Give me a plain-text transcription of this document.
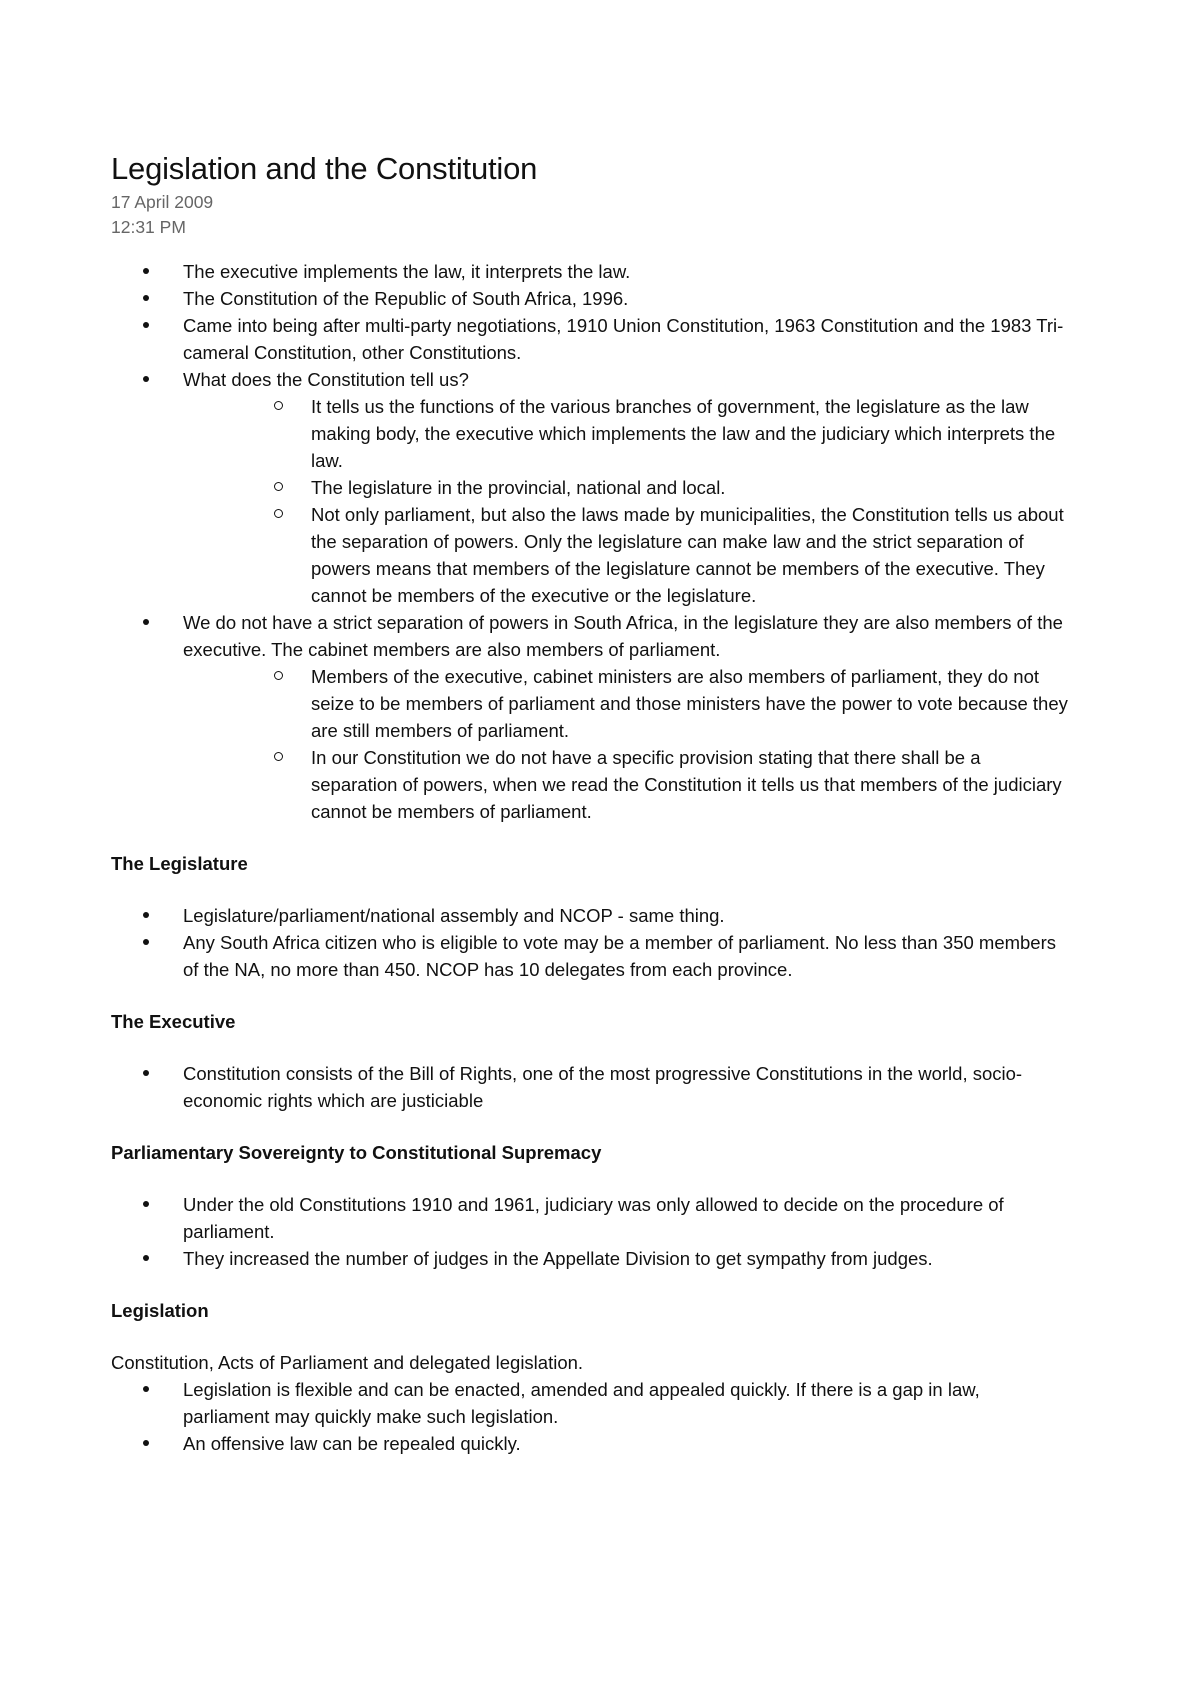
Legislation and the Constitution
17 April 2009
12:31 PM
The executive implements the law, it interprets the law.
The Constitution of the Republic of South Africa, 1996.
Came into being after multi-party negotiations, 1910 Union Constitution, 1963 Constitution and the 1983 Tri-cameral Constitution, other Constitutions.
What does the Constitution tell us?
It tells us the functions of the various branches of government, the legislature as the law making body, the executive which implements the law and the judiciary which interprets the law.
The legislature in the provincial, national and local.
Not only parliament, but also the laws made by municipalities, the Constitution tells us about the separation of powers. Only the legislature can make law and the strict separation of powers means that members of the legislature cannot be members of the executive. They cannot be members of the executive or the legislature.
We do not have a strict separation of powers in South Africa, in the legislature they are also members of the executive. The cabinet members are also members of parliament.
Members of the executive, cabinet ministers are also members of parliament, they do not seize to be members of parliament and those ministers have the power to vote because they are still members of parliament.
In our Constitution we do not have a specific provision stating that there shall be a separation of powers, when we read the Constitution it tells us that members of the judiciary cannot be members of parliament.
The Legislature
Legislature/parliament/national assembly and NCOP - same thing.
Any South Africa citizen who is eligible to vote may be a member of parliament. No less than 350 members of the NA, no more than 450. NCOP has 10 delegates from each province.
The Executive
Constitution consists of the Bill of Rights, one of the most progressive Constitutions in the world, socio-economic rights which are justiciable
Parliamentary Sovereignty to Constitutional Supremacy
Under the old Constitutions 1910 and 1961, judiciary was only allowed to decide on the procedure of parliament.
They increased the number of judges in the Appellate Division to get sympathy from judges.
Legislation

Constitution, Acts of Parliament and delegated legislation.

Legislation is flexible and can be enacted, amended and appealed quickly. If there is a gap in law, parliament may quickly make such legislation.
An offensive law can be repealed quickly.
